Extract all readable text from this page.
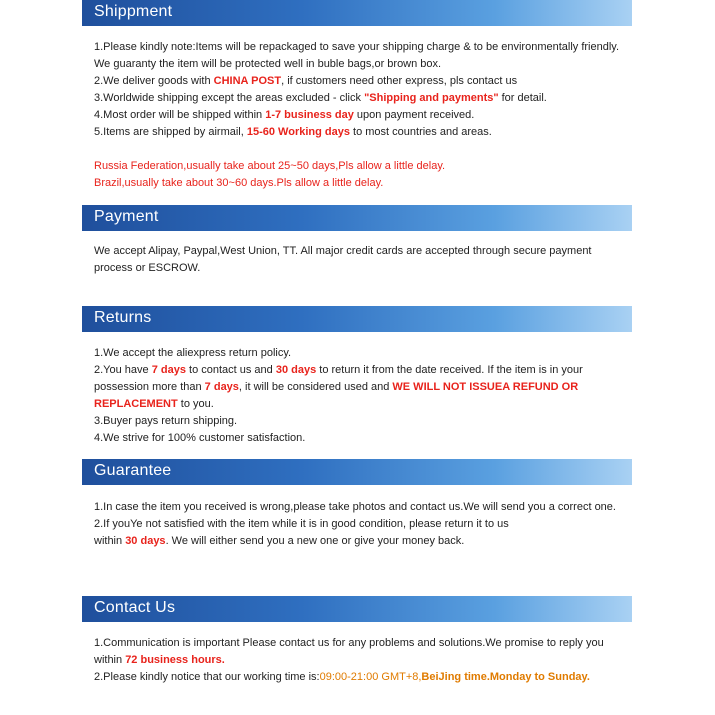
Shippment
1.Please kindly note:Items will be repackaged to save your shipping charge & to be environmentally friendly.
We guaranty the item will be protected well in buble bags,or brown box.
2.We deliver goods with CHINA POST, if customers need other express, pls contact us
3.Worldwide shipping except the areas excluded - click "Shipping and payments" for detail.
4.Most order will be shipped within 1-7 business day upon payment received.
5.Items are shipped by airmail, 15-60 Working days to most countries and areas.
Russia Federation,usually take about 25~50 days,Pls allow a little delay.
Brazil,usually take about 30~60 days.Pls allow a little delay.
Payment
We accept Alipay, Paypal,West Union, TT. All major credit cards are accepted through secure payment
process or ESCROW.
Returns
1.We accept the aliexpress return policy.
2.You have 7 days to contact us and 30 days to return it from the date received. If the item is in your
possession more than 7 days, it will be considered used and WE WILL NOT ISSUEA REFUND OR
REPLACEMENT to you.
3.Buyer pays return shipping.
4.We strive for 100% customer satisfaction.
Guarantee
1.In case the item you received is wrong,please take photos and contact us.We will send you a correct one.
2.If youYe not satisfied with the item while it is in good condition, please return it to us
within 30 days. We will either send you a new one or give your money back.
Contact Us
1.Communication is important Please contact us for any problems and solutions.We promise to reply you
within 72 business hours.
2.Please kindly notice that our working time is:09:00-21:00 GMT+8,BeiJing time.Monday to Sunday.
